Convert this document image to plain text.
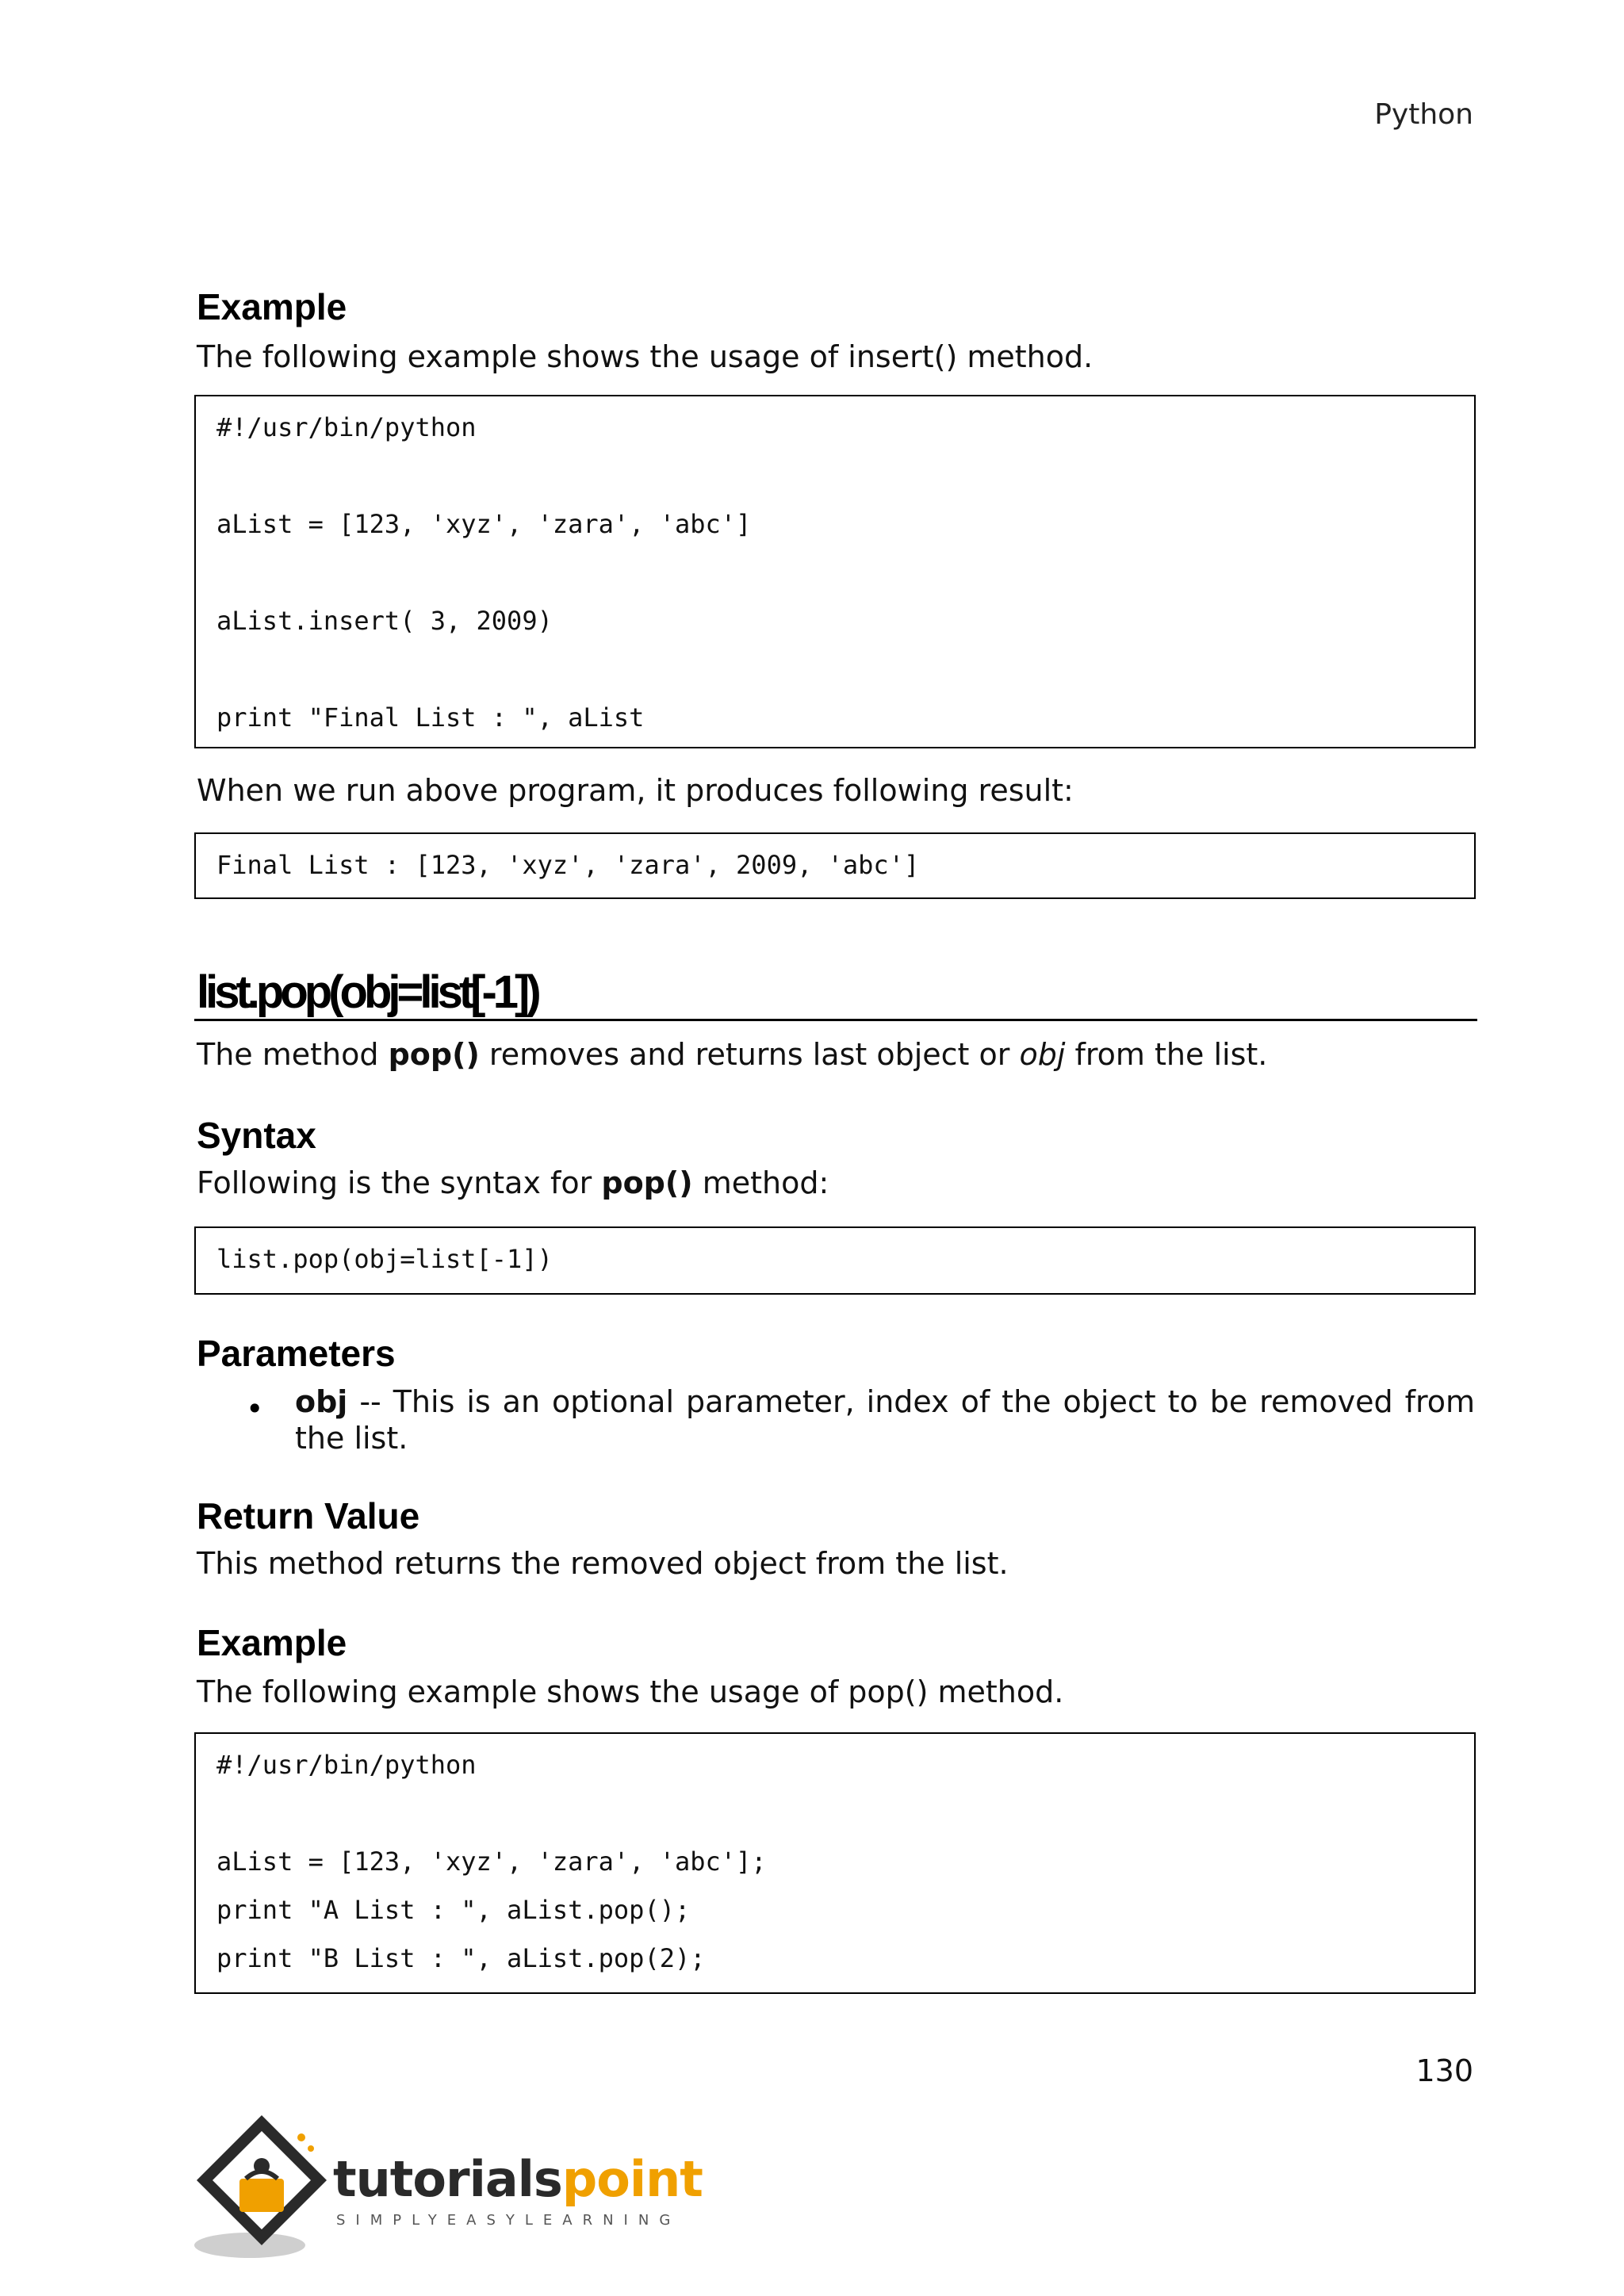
Python
Example
The following example shows the usage of insert() method.
#!/usr/bin/python
aList = [123, 'xyz', 'zara', 'abc']
aList.insert( 3, 2009)
print "Final List : ", aList
When we run above program, it produces following result:
Final List : [123, 'xyz', 'zara', 2009, 'abc']
list.pop(obj=list[-1])
The method pop() removes and returns last object or obj from the list.
Syntax
Following is the syntax for pop() method:
list.pop(obj=list[-1])
Parameters
• obj -- This is an optional parameter, index of the object to be removed from the list.
Return Value
This method returns the removed object from the list.
Example
The following example shows the usage of pop() method.
#!/usr/bin/python
aList = [123, 'xyz', 'zara', 'abc'];
print "A List : ", aList.pop();
print "B List : ", aList.pop(2);
130
tutorialspoint
SIMPLYEASYLEARNING
